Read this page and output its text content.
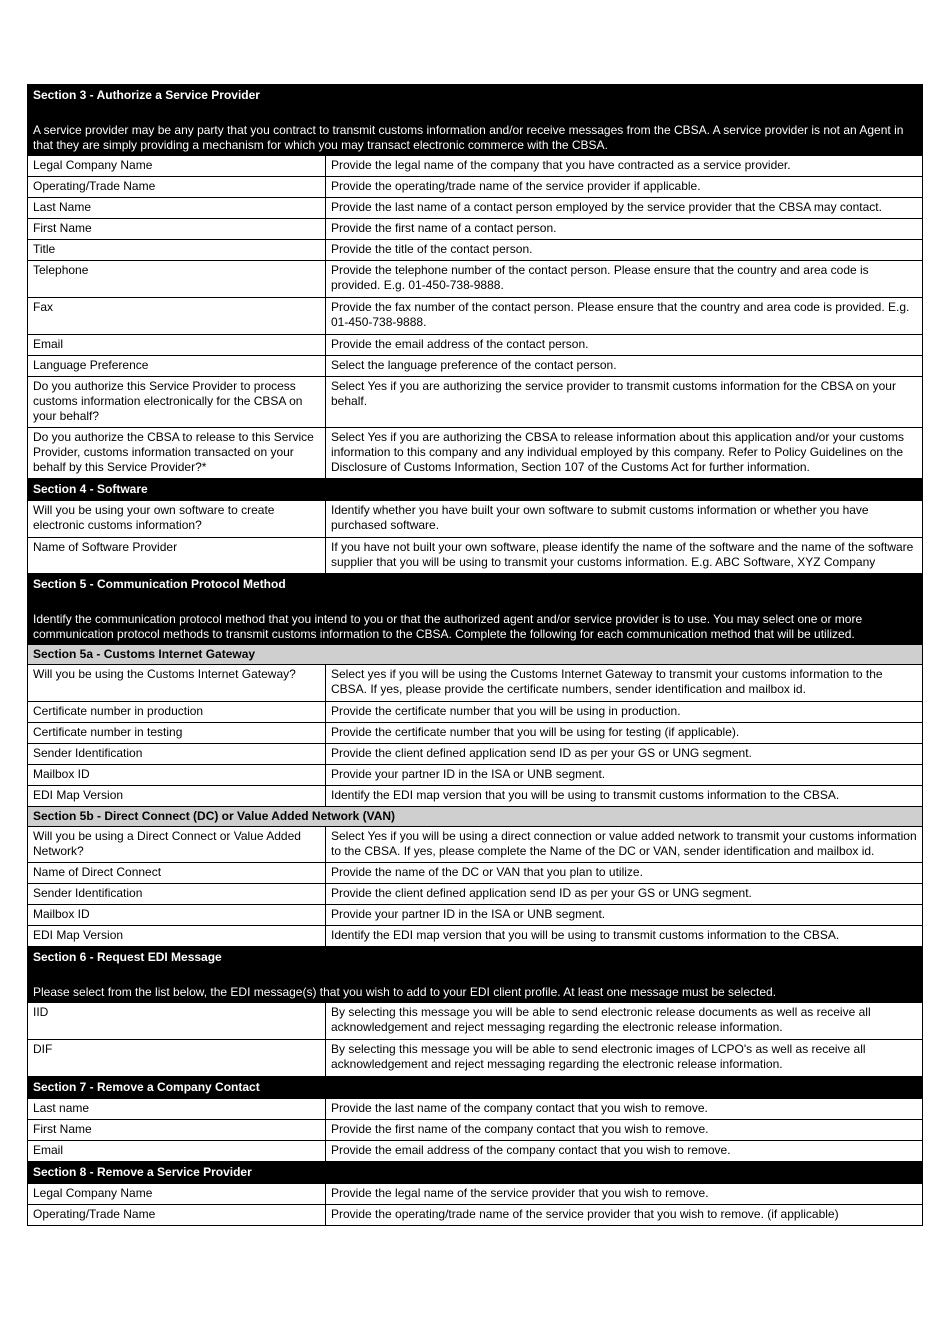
Section 3 - Authorize a Service Provider	

A service provider may be any party that you contract to transmit customs information and/or receive messages from the CBSA. A service provider is not an Agent in that they are simply providing a mechanism for which you may transact electronic commerce with the CBSA.	

Legal Company Name	Provide the legal name of the company that you have contracted as a service provider.
Operating/Trade Name	Provide the operating/trade name of the service provider if applicable.
Last Name	Provide the last name of a contact person employed by the service provider that the CBSA may contact.
First Name	Provide the first name of a contact person.
Title	Provide the title of the contact person.
Telephone	Provide the telephone number of the contact person. Please ensure that the country and area code is provided. E.g. 01-450-738-9888.
Fax	Provide the fax number of the contact person. Please ensure that the country and area code is provided. E.g. 01-450-738-9888.
Email	Provide the email address of the contact person.
Language Preference	Select the language preference of the contact person.
Do you authorize this Service Provider to process customs information electronically for the CBSA on your behalf?	Select Yes if you are authorizing the service provider to transmit customs information for the CBSA on your behalf.
Do you authorize the CBSA to release to this Service Provider, customs information transacted on your behalf by this Service Provider?*	Select Yes if you are authorizing the CBSA to release information about this application and/or your customs information to this company and any individual employed by this company. Refer to Policy Guidelines on the Disclosure of Customs Information, Section 107 of the Customs Act for further information.
Section 4 - Software	
Will you be using your own software to create electronic customs information?	Identify whether you have built your own software to submit customs information or whether you have purchased software.
Name of Software Provider	If you have not built your own software, please identify the name of the software and the name of the software supplier that you will be using to transmit your customs information. E.g. ABC Software, XYZ Company
Section 5 - Communication Protocol Method	

Identify the communication protocol method that you intend to you or that the authorized agent and/or service provider is to use. You may select one or more communication protocol methods to transmit customs information to the CBSA. Complete the following for each communication method that will be utilized.	

Section 5a - Customs Internet Gateway	
Will you be using the Customs Internet Gateway?	Select yes if you will be using the Customs Internet Gateway to transmit your customs information to the CBSA. If yes, please provide the certificate numbers, sender identification and mailbox id.
Certificate number in production	Provide the certificate number that you will be using in production.
Certificate number in testing	Provide the certificate number that you will be using for testing (if applicable).
Sender Identification	Provide the client defined application send ID as per your GS or UNG segment.
Mailbox ID	Provide your partner ID in the ISA or UNB segment.
EDI Map Version	Identify the EDI map version that you will be using to transmit customs information to the CBSA.
Section 5b - Direct Connect (DC) or Value Added Network (VAN)	
Will you be using a Direct Connect or Value Added Network?	Select Yes if you will be using a direct connection or value added network to transmit your customs information to the CBSA. If yes, please complete the Name of the DC or VAN, sender identification and mailbox id.
Name of Direct Connect	Provide the name of the DC or VAN that you plan to utilize.
Sender Identification	Provide the client defined application send ID as per your GS or UNG segment.
Mailbox ID	Provide your partner ID in the ISA or UNB segment.
EDI Map Version	Identify the EDI map version that you will be using to transmit customs information to the CBSA.
Section 6 - Request EDI Message	

Please select from the list below, the EDI message(s) that you wish to add to your EDI client profile. At least one message must be selected.	

IID	By selecting this message you will be able to send electronic release documents as well as receive all acknowledgement and reject messaging regarding the electronic release information.
DIF	By selecting this message you will be able to send electronic images of LCPO's as well as receive all acknowledgement and reject messaging regarding the electronic release information.
Section 7 - Remove a Company Contact	
Last name	Provide the last name of the company contact that you wish to remove.
First Name	Provide the first name of the company contact that you wish to remove.
Email	Provide the email address of the company contact that you wish to remove.
Section 8 - Remove a Service Provider	
Legal Company Name	Provide the legal name of the service provider that you wish to remove.
Operating/Trade Name	Provide the operating/trade name of the service provider that you wish to remove. (if applicable)
